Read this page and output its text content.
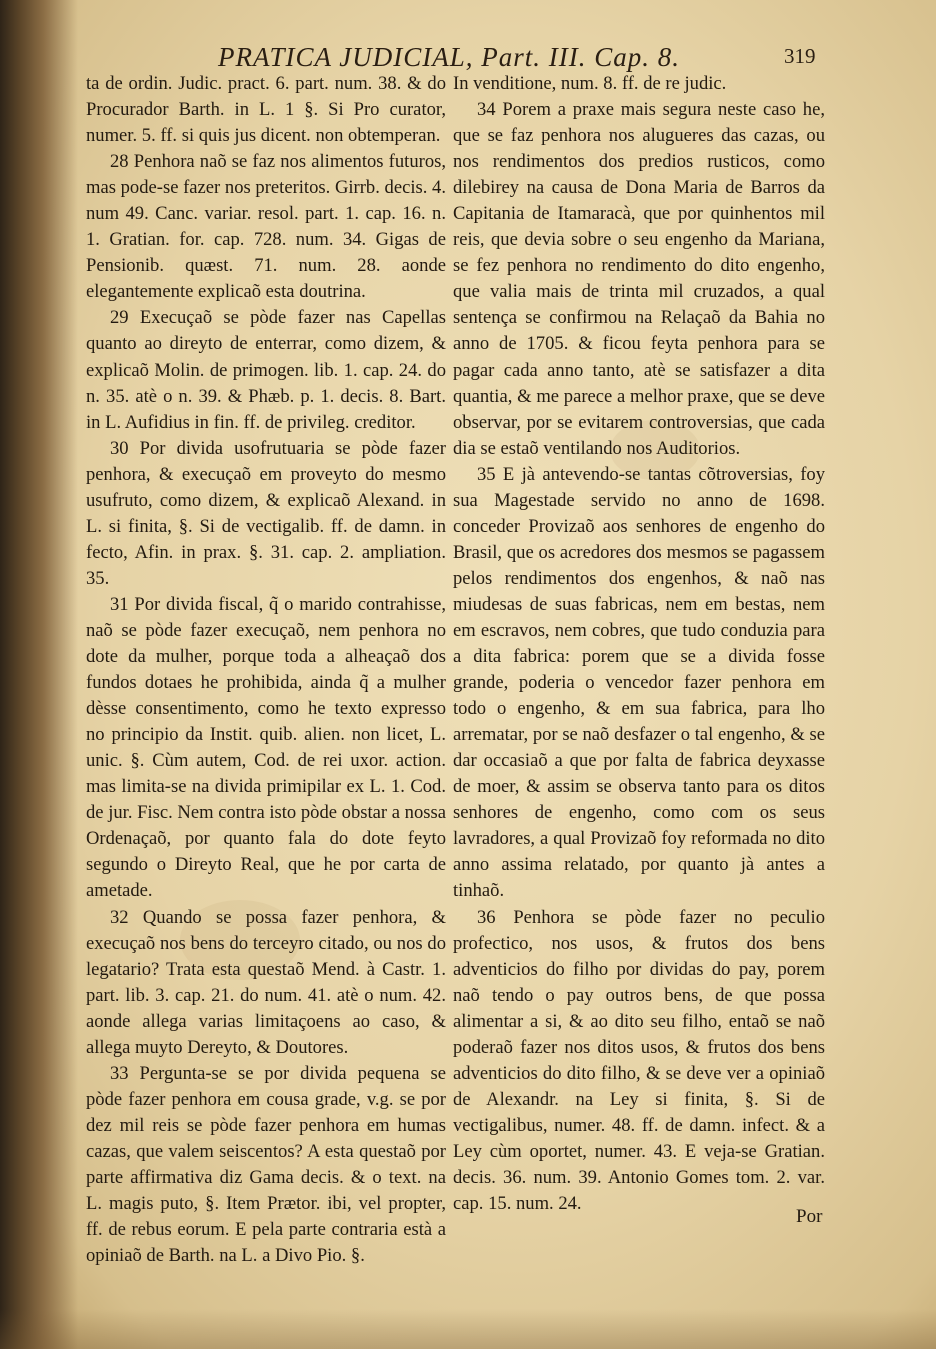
PRATICA JUDICIAL, Part. III. Cap. 8.	319

ta de ordin. Judic. pract. 6. part. num. 38. & do Procurador Barth. in L. 1 §. Si Pro curator, numer. 5. ff. si quis jus dicent. non obtemperan.

28 Penhora naõ se faz nos alimentos futuros, mas pode-se fazer nos preteritos. Girrb. decis. 4. num 49. Canc. variar. resol. part. 1. cap. 16. n. 1. Gratian. for. cap. 728. num. 34. Gigas de Pensionib. quæst. 71. num. 28. aonde elegantemente explicaõ esta doutrina.

29 Execuçaõ se pòde fazer nas Capellas quanto ao direyto de enterrar, como dizem, & explicaõ Molin. de primogen. lib. 1. cap. 24. do n. 35. atè o n. 39. & Phæb. p. 1. decis. 8. Bart. in L. Aufidius in fin. ff. de privileg. creditor.

30 Por divida usofrutuaria se pòde fazer penhora, & execuçaõ em proveyto do mesmo usufruto, como dizem, & explicaõ Alexand. in L. si finita, §. Si de vectigalib. ff. de damn. in fecto, Afin. in prax. §. 31. cap. 2. ampliation. 35.

31 Por divida fiscal, q̃ o marido contrahisse, naõ se pòde fazer execuçaõ, nem penhora no dote da mulher, porque toda a alheaçaõ dos fundos dotaes he prohibida, ainda q̃ a mulher dèsse consentimento, como he texto expresso no principio da Instit. quib. alien. non licet, L. unic. §. Cùm autem, Cod. de rei uxor. action. mas limita-se na divida primipilar ex L. 1. Cod. de jur. Fisc. Nem contra isto pòde obstar a nossa Ordenaçaõ, por quanto fala do dote feyto segundo o Direyto Real, que he por carta de ametade.

32 Quando se possa fazer penhora, & execuçaõ nos bens do terceyro citado, ou nos do legatario? Trata esta questaõ Mend. à Castr. 1. part. lib. 3. cap. 21. do num. 41. atè o num. 42. aonde allega varias limitaçoens ao caso, & allega muyto Dereyto, & Doutores.

33 Pergunta-se se por divida pequena se pòde fazer penhora em cousa grade, v.g. se por dez mil reis se pòde fazer penhora em humas cazas, que valem seiscentos? A esta questaõ por parte affirmativa diz Gama decis. & o text. na L. magis puto, §. Item Prætor. ibi, vel propter, ff. de rebus eorum. E pela parte contraria està a opiniaõ de Barth. na L. a Divo Pio. §.

In venditione, num. 8. ff. de re judic.

34 Porem a praxe mais segura neste caso he, que se faz penhora nos alugueres das cazas, ou nos rendimentos dos predios rusticos, como dilebirey na causa de Dona Maria de Barros da Capitania de Itamaracà, que por quinhentos mil reis, que devia sobre o seu engenho da Mariana, se fez penhora no rendimento do dito engenho, que valia mais de trinta mil cruzados, a qual sentença se confirmou na Relaçaõ da Bahia no anno de 1705. & ficou feyta penhora para se pagar cada anno tanto, atè se satisfazer a dita quantia, & me parece a melhor praxe, que se deve observar, por se evitarem controversias, que cada dia se estaõ ventilando nos Auditorios.

35 E jà antevendo-se tantas cõtroversias, foy sua Magestade servido no anno de 1698. conceder Provizaõ aos senhores de engenho do Brasil, que os acredores dos mesmos se pagassem pelos rendimentos dos engenhos, & naõ nas miudesas de suas fabricas, nem em bestas, nem em escravos, nem cobres, que tudo conduzia para a dita fabrica: porem que se a divida fosse grande, poderia o vencedor fazer penhora em todo o engenho, & em sua fabrica, para lho arrematar, por se naõ desfazer o tal engenho, & se dar occasiaõ a que por falta de fabrica deyxasse de moer, & assim se observa tanto para os ditos senhores de engenho, como com os seus lavradores, a qual Provizaõ foy reformada no dito anno assima relatado, por quanto jà antes a tinhaõ.

36 Penhora se pòde fazer no peculio profectico, nos usos, & frutos dos bens adventicios do filho por dividas do pay, porem naõ tendo o pay outros bens, de que possa alimentar a si, & ao dito seu filho, entaõ se naõ poderaõ fazer nos ditos usos, & frutos dos bens adventicios do dito filho, & se deve ver a opiniaõ de Alexandr. na Ley si finita, §. Si de vectigalibus, numer. 48. ff. de damn. infect. & a Ley cùm oportet, numer. 43. E veja-se Gratian. decis. 36. num. 39. Antonio Gomes tom. 2. var. cap. 15. num. 24.

Por
